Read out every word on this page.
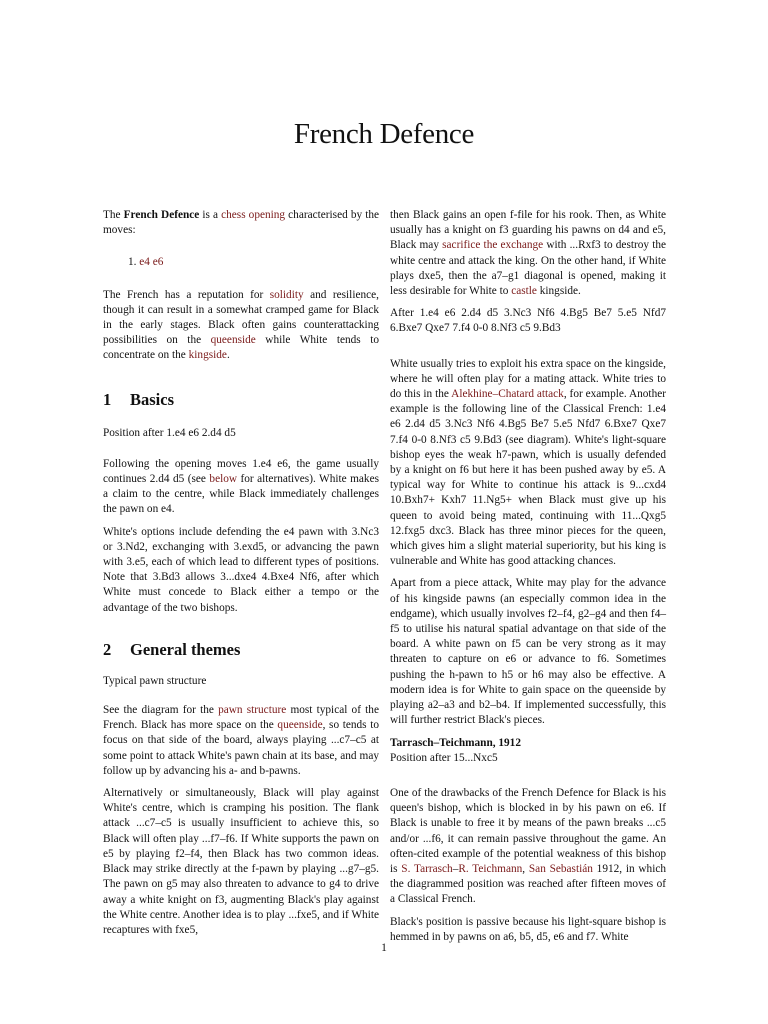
French Defence

The French Defence is a chess opening characterised by the moves:

1. e4 e6

The French has a reputation for solidity and resilience, though it can result in a somewhat cramped game for Black in the early stages. Black often gains counterattacking possibilities on the queenside while White tends to concentrate on the kingside.

1 Basics

Position after 1.e4 e6 2.d4 d5

Following the opening moves 1.e4 e6, the game usually continues 2.d4 d5 (see below for alternatives). White makes a claim to the centre, while Black immediately challenges the pawn on e4.

White's options include defending the e4 pawn with 3.Nc3 or 3.Nd2, exchanging with 3.exd5, or advancing the pawn with 3.e5, each of which lead to different types of positions. Note that 3.Bd3 allows 3...dxe4 4.Bxe4 Nf6, after which White must concede to Black either a tempo or the advantage of the two bishops.

2 General themes

Typical pawn structure

See the diagram for the pawn structure most typical of the French. Black has more space on the queenside, so tends to focus on that side of the board, always playing ...c7–c5 at some point to attack White's pawn chain at its base, and may follow up by advancing his a- and b-pawns.

Alternatively or simultaneously, Black will play against White's centre, which is cramping his position. The flank attack ...c7–c5 is usually insufficient to achieve this, so Black will often play ...f7–f6. If White supports the pawn on e5 by playing f2–f4, then Black has two common ideas. Black may strike directly at the f-pawn by playing ...g7–g5. The pawn on g5 may also threaten to advance to g4 to drive away a white knight on f3, augmenting Black's play against the White centre. Another idea is to play ...fxe5, and if White recaptures with fxe5,

then Black gains an open f-file for his rook. Then, as White usually has a knight on f3 guarding his pawns on d4 and e5, Black may sacrifice the exchange with ...Rxf3 to destroy the white centre and attack the king. On the other hand, if White plays dxe5, then the a7–g1 diagonal is opened, making it less desirable for White to castle kingside.

After 1.e4 e6 2.d4 d5 3.Nc3 Nf6 4.Bg5 Be7 5.e5 Nfd7 6.Bxe7 Qxe7 7.f4 0-0 8.Nf3 c5 9.Bd3

White usually tries to exploit his extra space on the kingside, where he will often play for a mating attack. White tries to do this in the Alekhine–Chatard attack, for example. Another example is the following line of the Classical French: 1.e4 e6 2.d4 d5 3.Nc3 Nf6 4.Bg5 Be7 5.e5 Nfd7 6.Bxe7 Qxe7 7.f4 0-0 8.Nf3 c5 9.Bd3 (see diagram). White's light-square bishop eyes the weak h7-pawn, which is usually defended by a knight on f6 but here it has been pushed away by e5. A typical way for White to continue his attack is 9...cxd4 10.Bxh7+ Kxh7 11.Ng5+ when Black must give up his queen to avoid being mated, continuing with 11...Qxg5 12.fxg5 dxc3. Black has three minor pieces for the queen, which gives him a slight material superiority, but his king is vulnerable and White has good attacking chances.

Apart from a piece attack, White may play for the advance of his kingside pawns (an especially common idea in the endgame), which usually involves f2–f4, g2–g4 and then f4–f5 to utilise his natural spatial advantage on that side of the board. A white pawn on f5 can be very strong as it may threaten to capture on e6 or advance to f6. Sometimes pushing the h-pawn to h5 or h6 may also be effective. A modern idea is for White to gain space on the queenside by playing a2–a3 and b2–b4. If implemented successfully, this will further restrict Black's pieces.

Tarrasch–Teichmann, 1912

Position after 15...Nxc5

One of the drawbacks of the French Defence for Black is his queen's bishop, which is blocked in by his pawn on e6. If Black is unable to free it by means of the pawn breaks ...c5 and/or ...f6, it can remain passive throughout the game. An often-cited example of the potential weakness of this bishop is S. Tarrasch–R. Teichmann, San Sebastián 1912, in which the diagrammed position was reached after fifteen moves of a Classical French.

Black's position is passive because his light-square bishop is hemmed in by pawns on a6, b5, d5, e6 and f7. White

1
